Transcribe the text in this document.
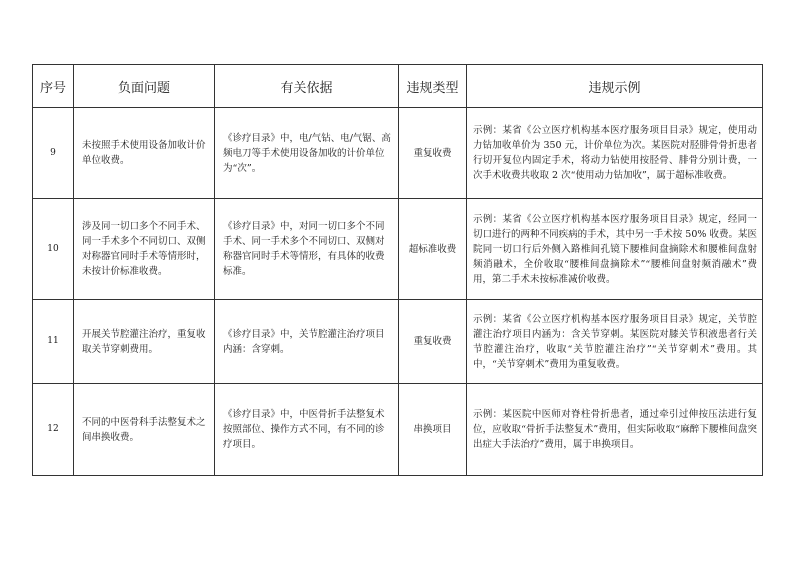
序号	负面问题	有关依据	违规类型	违规示例
9	未按照手术使用设备加收计价单位收费。	《诊疗目录》中，电/气钻、电/气锯、高频电刀等手术使用设备加收的计价单位为“次”。	重复收费	示例：某省《公立医疗机构基本医疗服务项目目录》规定，使用动力钻加收单价为 350 元，计价单位为次。某医院对胫腓骨骨折患者行切开复位内固定手术，将动力钻使用按胫骨、腓骨分别计费，一次手术收费共收取 2 次“使用动力钻加收”，属于超标准收费。
10	涉及同一切口多个不同手术、同一手术多个不同切口、双侧对称器官同时手术等情形时，未按计价标准收费。	《诊疗目录》中，对同一切口多个不同手术、同一手术多个不同切口、双侧对称器官同时手术等情形，有具体的收费标准。	超标准收费	示例：某省《公立医疗机构基本医疗服务项目目录》规定，经同一切口进行的两种不同疾病的手术，其中另一手术按 50% 收费。某医院同一切口行后外侧入路椎间孔镜下腰椎间盘摘除术和腰椎间盘射频消融术，全价收取“腰椎间盘摘除术”“腰椎间盘射频消融术”费用，第二手术未按标准减价收费。
11	开展关节腔灌注治疗，重复收取关节穿刺费用。	《诊疗目录》中，关节腔灌注治疗项目内涵：含穿刺。	重复收费	示例：某省《公立医疗机构基本医疗服务项目目录》规定，关节腔灌注治疗项目内涵为：含关节穿刺。某医院对膝关节积液患者行关节腔灌注治疗，收取“关节腔灌注治疗”“关节穿刺术”费用。其中，“关节穿刺术”费用为重复收费。
12	不同的中医骨科手法整复术之间串换收费。	《诊疗目录》中，中医骨折手法整复术按照部位、操作方式不同，有不同的诊疗项目。	串换项目	示例：某医院中医师对脊柱骨折患者，通过牵引过伸按压法进行复位，应收取“骨折手法整复术”费用，但实际收取“麻醉下腰椎间盘突出症大手法治疗”费用，属于串换项目。
